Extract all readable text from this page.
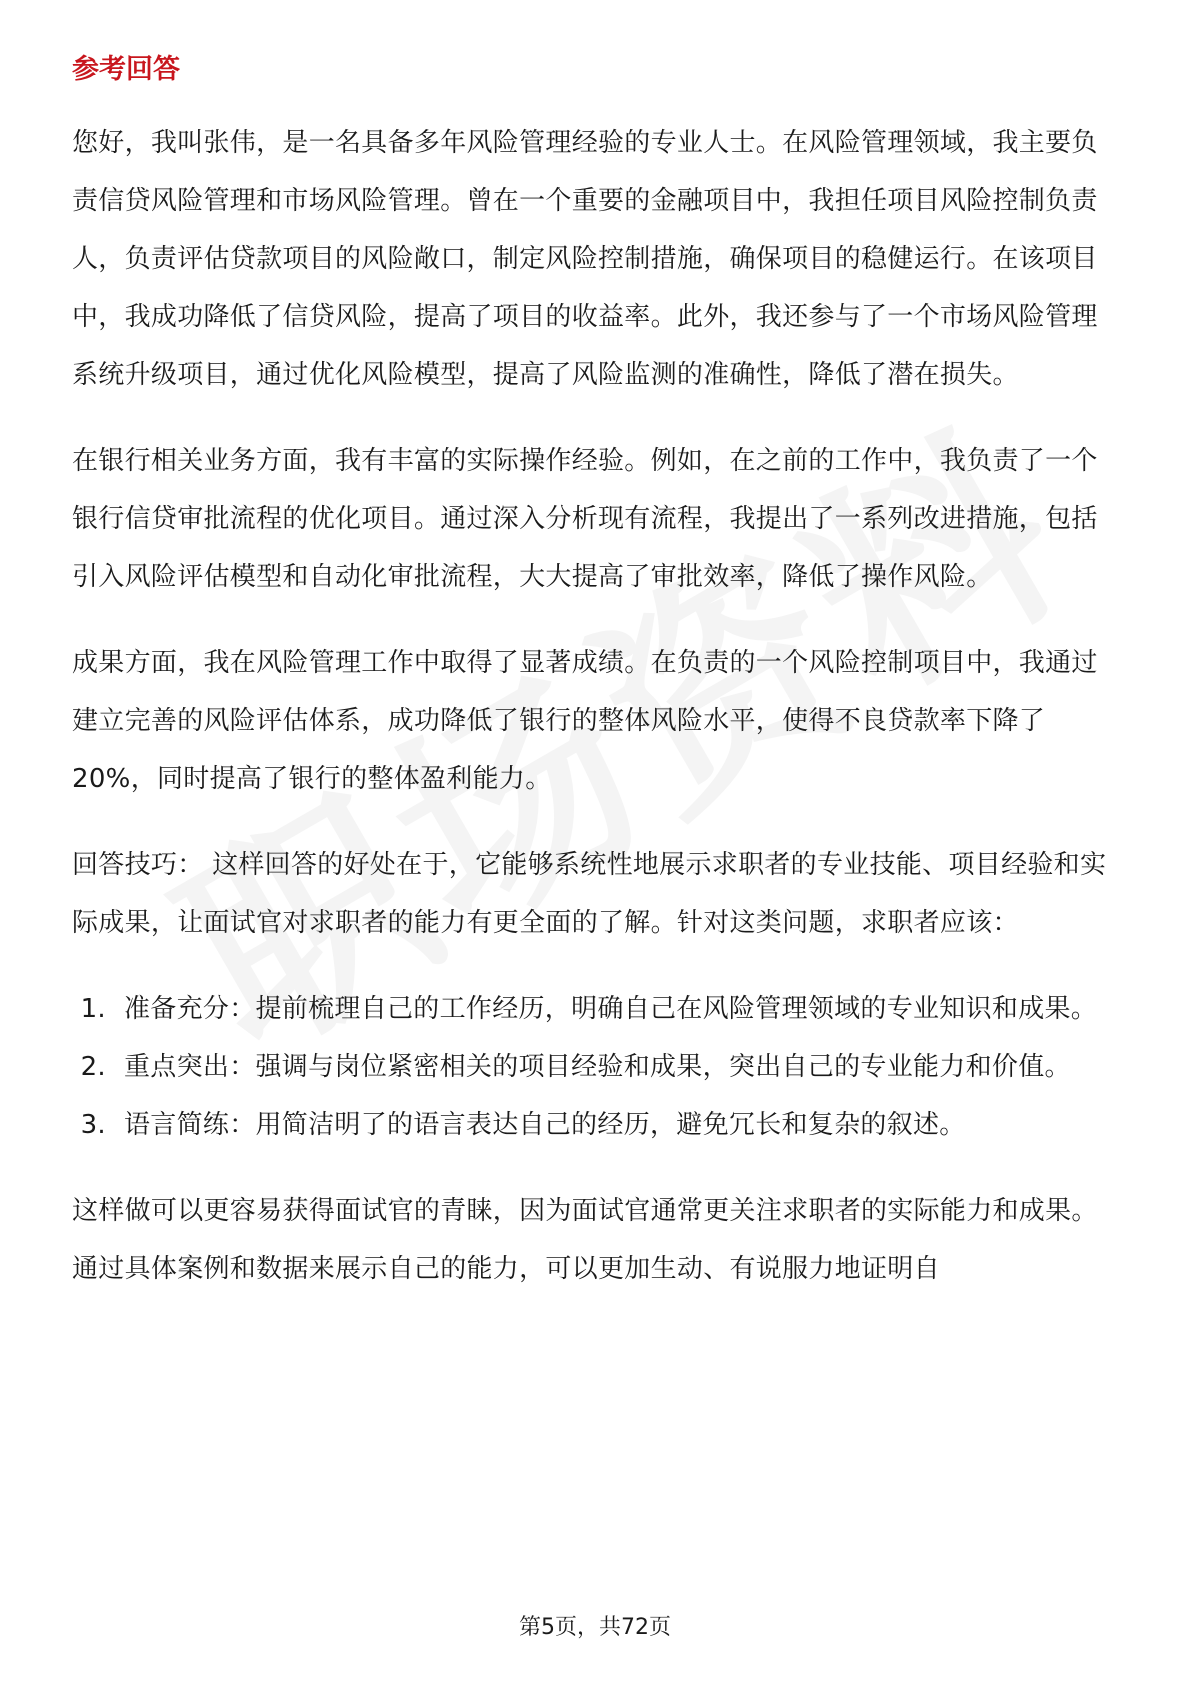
参考回答

您好，我叫张伟，是一名具备多年风险管理经验的专业人士。在风险管理领域，我主要负责信贷风险管理和市场风险管理。曾在一个重要的金融项目中，我担任项目风险控制负责人，负责评估贷款项目的风险敞口，制定风险控制措施，确保项目的稳健运行。在该项目中，我成功降低了信贷风险，提高了项目的收益率。此外，我还参与了一个市场风险管理系统升级项目，通过优化风险模型，提高了风险监测的准确性，降低了潜在损失。

在银行相关业务方面，我有丰富的实际操作经验。例如，在之前的工作中，我负责了一个银行信贷审批流程的优化项目。通过深入分析现有流程，我提出了一系列改进措施，包括引入风险评估模型和自动化审批流程，大大提高了审批效率，降低了操作风险。

成果方面，我在风险管理工作中取得了显著成绩。在负责的一个风险控制项目中，我通过建立完善的风险评估体系，成功降低了银行的整体风险水平，使得不良贷款率下降了20%，同时提高了银行的整体盈利能力。

回答技巧： 这样回答的好处在于，它能够系统性地展示求职者的专业技能、项目经验和实际成果，让面试官对求职者的能力有更全面的了解。针对这类问题，求职者应该：

1. 准备充分：提前梳理自己的工作经历，明确自己在风险管理领域的专业知识和成果。
2. 重点突出：强调与岗位紧密相关的项目经验和成果，突出自己的专业能力和价值。
3. 语言简练：用简洁明了的语言表达自己的经历，避免冗长和复杂的叙述。

这样做可以更容易获得面试官的青睐，因为面试官通常更关注求职者的实际能力和成果。通过具体案例和数据来展示自己的能力，可以更加生动、有说服力地证明自

第5页，共72页
